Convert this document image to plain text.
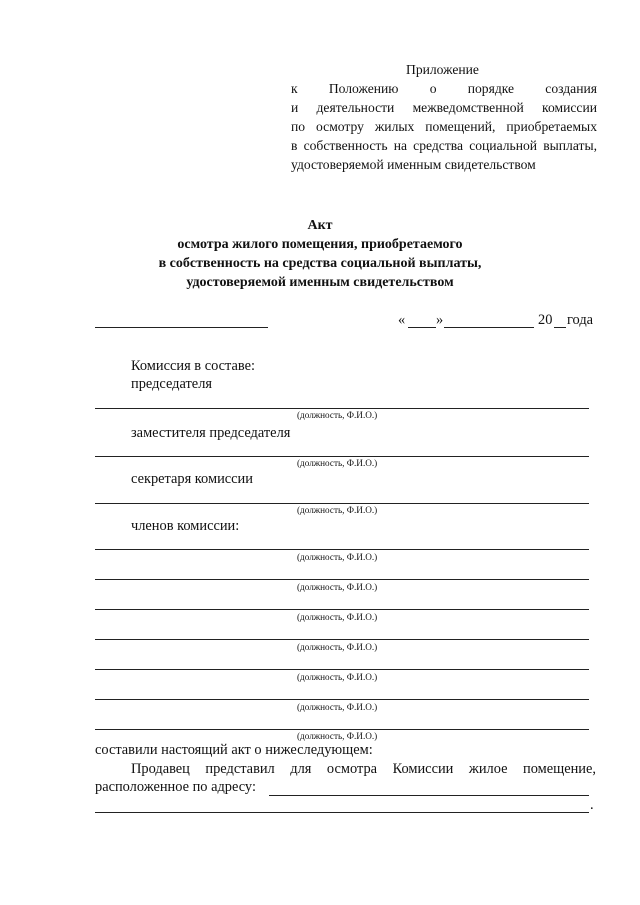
Приложение
к Положению о порядке создания
и деятельности межведомственной комиссии
по осмотру жилых помещений, приобретаемых
в собственность на средства социальной выплаты,
удостоверяемой именным свидетельством
Акт
осмотра жилого помещения, приобретаемого
в собственность на средства социальной выплаты,
удостоверяемой именным свидетельством
« »	20 года
Комиссия в составе:
председателя
(должность, Ф.И.О.)
заместителя председателя
(должность, Ф.И.О.)
секретаря комиссии
(должность, Ф.И.О.)
членов комиссии:
(должность, Ф.И.О.)
(должность, Ф.И.О.)
(должность, Ф.И.О.)
(должность, Ф.И.О.)
(должность, Ф.И.О.)
(должность, Ф.И.О.)
(должность, Ф.И.О.)
составили настоящий акт о нижеследующем:
Продавец представил для осмотра Комиссии жилое помещение,
расположенное по адресу:
.
